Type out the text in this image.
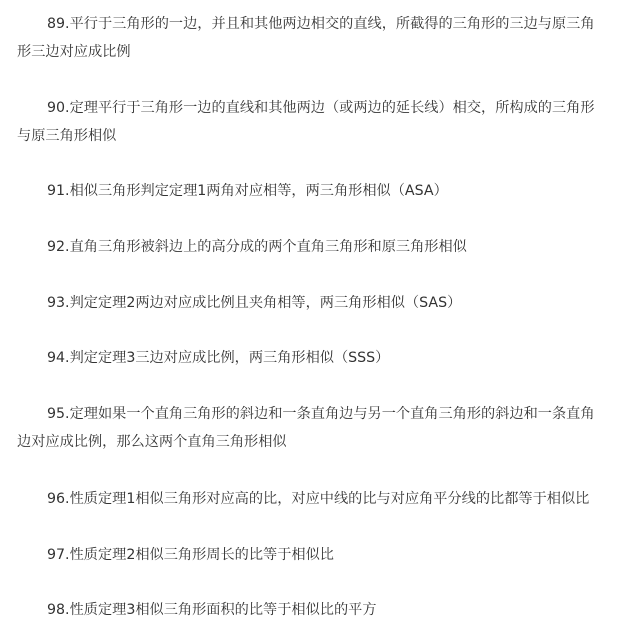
89.平行于三角形的一边，并且和其他两边相交的直线，所截得的三角形的三边与原三角
形三边对应成比例
90.定理平行于三角形一边的直线和其他两边（或两边的延长线）相交，所构成的三角形
与原三角形相似
91.相似三角形判定定理1两角对应相等，两三角形相似（ASA）
92.直角三角形被斜边上的高分成的两个直角三角形和原三角形相似
93.判定定理2两边对应成比例且夹角相等，两三角形相似（SAS）
94.判定定理3三边对应成比例，两三角形相似（SSS）
95.定理如果一个直角三角形的斜边和一条直角边与另一个直角三角形的斜边和一条直角
边对应成比例，那么这两个直角三角形相似
96.性质定理1相似三角形对应高的比，对应中线的比与对应角平分线的比都等于相似比
97.性质定理2相似三角形周长的比等于相似比
98.性质定理3相似三角形面积的比等于相似比的平方
